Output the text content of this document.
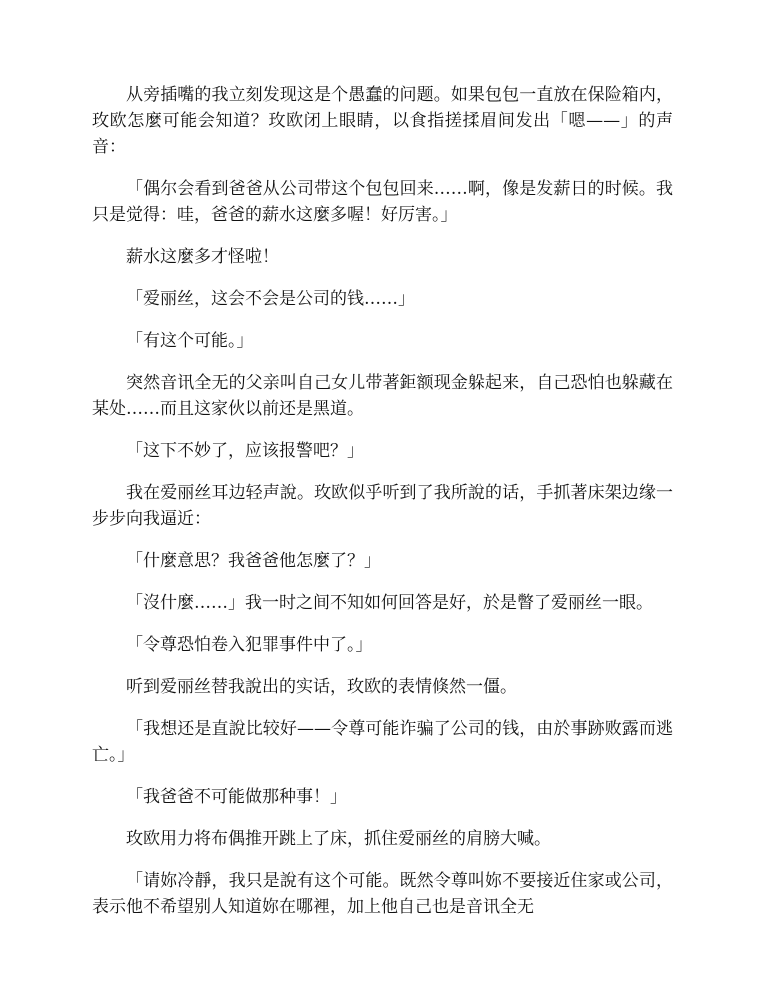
从旁插嘴的我立刻发现这是个愚蠢的问题。如果包包一直放在保险箱内，玫欧怎麼可能会知道？玫欧闭上眼睛，以食指搓揉眉间发出「嗯——」的声音：

「偶尔会看到爸爸从公司带这个包包回来……啊，像是发薪日的时候。我只是觉得：哇，爸爸的薪水这麼多喔！好厉害。」

薪水这麼多才怪啦！

「爱丽丝，这会不会是公司的钱……」

「有这个可能。」

突然音讯全无的父亲叫自己女儿带著鉅额现金躲起来，自己恐怕也躲藏在某处……而且这家伙以前还是黑道。

「这下不妙了，应该报警吧？」

我在爱丽丝耳边轻声說。玫欧似乎听到了我所說的话，手抓著床架边缘一步步向我逼近：

「什麼意思？我爸爸他怎麼了？」

「沒什麼……」我一时之间不知如何回答是好，於是瞥了爱丽丝一眼。

「令尊恐怕卷入犯罪事件中了。」

听到爱丽丝替我說出的实话，玫欧的表情倏然一僵。

「我想还是直說比较好——令尊可能诈骗了公司的钱，由於事跡败露而逃亡。」

「我爸爸不可能做那种事！」

玫欧用力将布偶推开跳上了床，抓住爱丽丝的肩膀大喊。

「请妳冷靜，我只是說有这个可能。既然令尊叫妳不要接近住家或公司，表示他不希望别人知道妳在哪裡，加上他自己也是音讯全无
